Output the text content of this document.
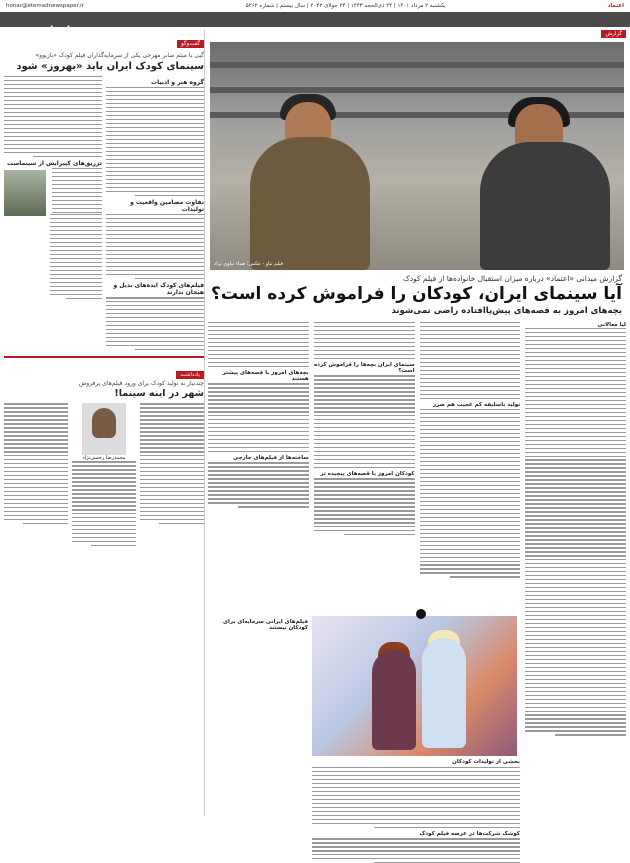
honar@etemadnewspaper.ir	یکشنبه ۲ مرداد ۱۴۰۱ | ۲۴ ذی‌الحجه ۱۴۴۳ | ۲۴ جولای ۲۰۲۲ | سال بیستم | شماره ۵۲۶۲	اعتماد
۷	هنرو ادبیات
گفت‌وگو
گپی با میثم صابر مهرجی یکی از سرمایه‌گذاران فیلم کودک «بازیوو»
سینمای کودک ایران باید «بهروز» شود
گروه هنر و ادبیات
تفاوت مضامین واقعیت و تولیدات
فیلم‌های کودک ایده‌های بدیل و هیجان ندارند
تزریق‌های کپیرایش از سینماست
یادداشت
چندنیاز به تولید کودک برای ورود فیلم‌های پرفروش
شهر در اینه سینما!
محمدرضا رحمتی‌نژاد
گزارش
فیلم تیاو - عکس: ضیاء نیاوی نژاد
گزارش میدانی «اعتماد» درباره میزان استقبال خانواده‌ها از فیلم کودک
آیا سینمای ایران، کودکان را فراموش کرده است؟
بچه‌های امروز به قصه‌های پیش‌پاافتاده راضی نمی‌شوند
لیا معالانی
تولید باسلیقه کم عجیب هم ضرر
سینمای ایران بچه‌ها را فراموش کرده است؟
کودکان امروز با قصه‌های پیچیده تر
بچه‌های امروز با قصه‌های پیشتر هستند
ساخته‌ها از فیلم‌های خارجی
بخشی از تولیدات کودکان
کوشک شرکت‌ها در عرصه فیلم کودک
فیلم‌های ایرانی سرمایه‌ای برای کودکان نیستند
